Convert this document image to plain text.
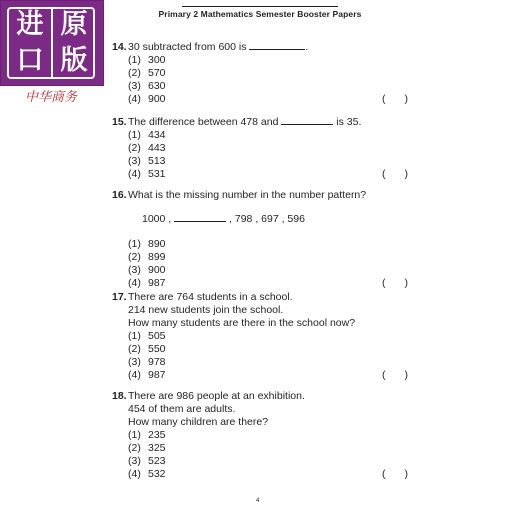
进 原
口 版
中华商务
Primary 2 Mathematics Semester Booster Papers
14.30 subtracted from 600 is	.
(1) 300
(2) 570
(3) 630
(4) 900	( )
15.The difference between 478 and	is 35.
(1) 434
(2) 443
(3) 513
(4) 531	( )
16.What is the missing number in the number pattern?
1000 ,	, 798 , 697 , 596
(1) 890
(2) 899
(3) 900
(4) 987	( )
17.There are 764 students in a school.
214 new students join the school.
How many students are there in the school now?
(1) 505
(2) 550
(3) 978
(4) 987	( )
18.There are 986 people at an exhibition.
454 of them are adults.
How many children are there?
(1) 235
(2) 325
(3) 523
(4) 532	( )
4
